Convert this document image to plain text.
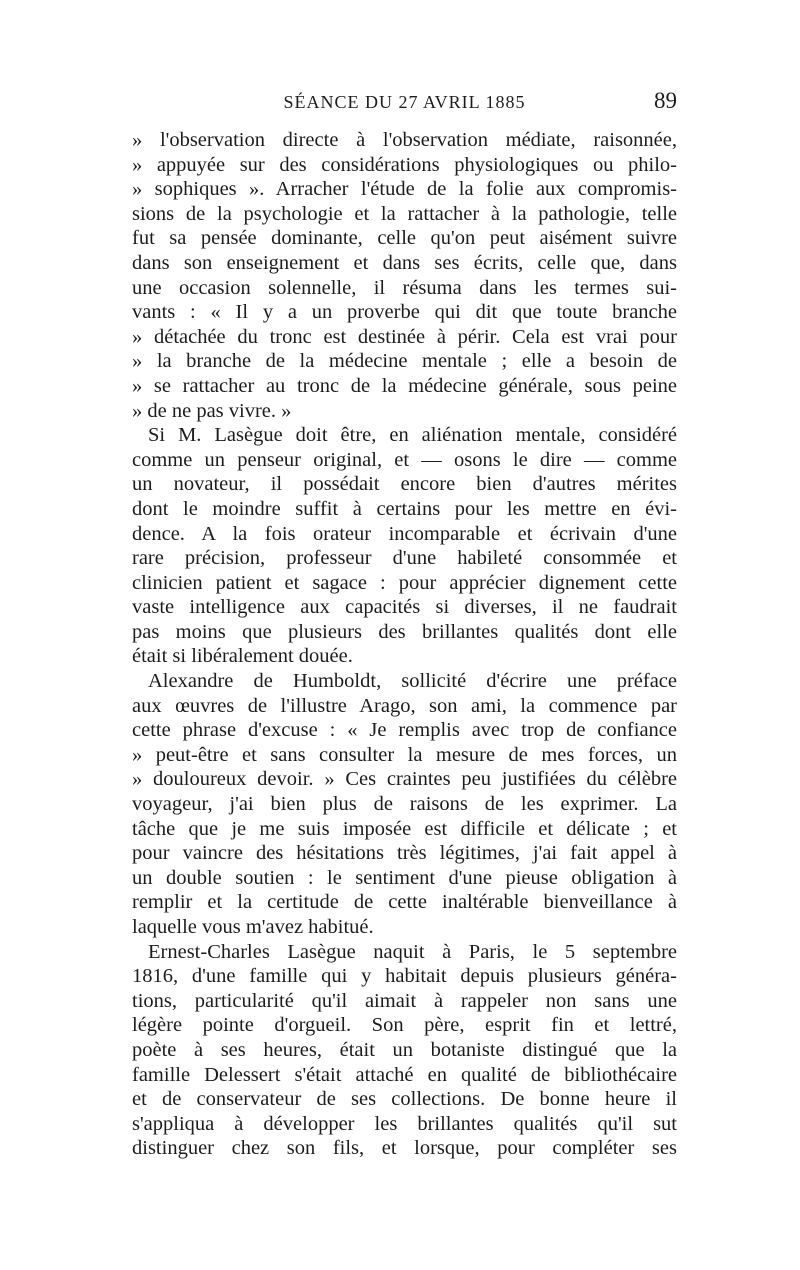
SÉANCE DU 27 AVRIL 1885	89
» l'observation directe à l'observation médiate, raisonnée,
» appuyée sur des considérations physiologiques ou philo-
» sophiques ». Arracher l'étude de la folie aux compromis-
sions de la psychologie et la rattacher à la pathologie, telle
fut sa pensée dominante, celle qu'on peut aisément suivre
dans son enseignement et dans ses écrits, celle que, dans
une occasion solennelle, il résuma dans les termes sui-
vants : « Il y a un proverbe qui dit que toute branche
» détachée du tronc est destinée à périr. Cela est vrai pour
» la branche de la médecine mentale ; elle a besoin de
» se rattacher au tronc de la médecine générale, sous peine
» de ne pas vivre. »
Si M. Lasègue doit être, en aliénation mentale, considéré
comme un penseur original, et — osons le dire — comme
un novateur, il possédait encore bien d'autres mérites
dont le moindre suffit à certains pour les mettre en évi-
dence. A la fois orateur incomparable et écrivain d'une
rare précision, professeur d'une habileté consommée et
clinicien patient et sagace : pour apprécier dignement cette
vaste intelligence aux capacités si diverses, il ne faudrait
pas moins que plusieurs des brillantes qualités dont elle
était si libéralement douée.
Alexandre de Humboldt, sollicité d'écrire une préface
aux œuvres de l'illustre Arago, son ami, la commence par
cette phrase d'excuse : « Je remplis avec trop de confiance
» peut-être et sans consulter la mesure de mes forces, un
» douloureux devoir. » Ces craintes peu justifiées du célèbre
voyageur, j'ai bien plus de raisons de les exprimer. La
tâche que je me suis imposée est difficile et délicate ; et
pour vaincre des hésitations très légitimes, j'ai fait appel à
un double soutien : le sentiment d'une pieuse obligation à
remplir et la certitude de cette inaltérable bienveillance à
laquelle vous m'avez habitué.
Ernest-Charles Lasègue naquit à Paris, le 5 septembre
1816, d'une famille qui y habitait depuis plusieurs généra-
tions, particularité qu'il aimait à rappeler non sans une
légère pointe d'orgueil. Son père, esprit fin et lettré,
poète à ses heures, était un botaniste distingué que la
famille Delessert s'était attaché en qualité de bibliothécaire
et de conservateur de ses collections. De bonne heure il
s'appliqua à développer les brillantes qualités qu'il sut
distinguer chez son fils, et lorsque, pour compléter ses
